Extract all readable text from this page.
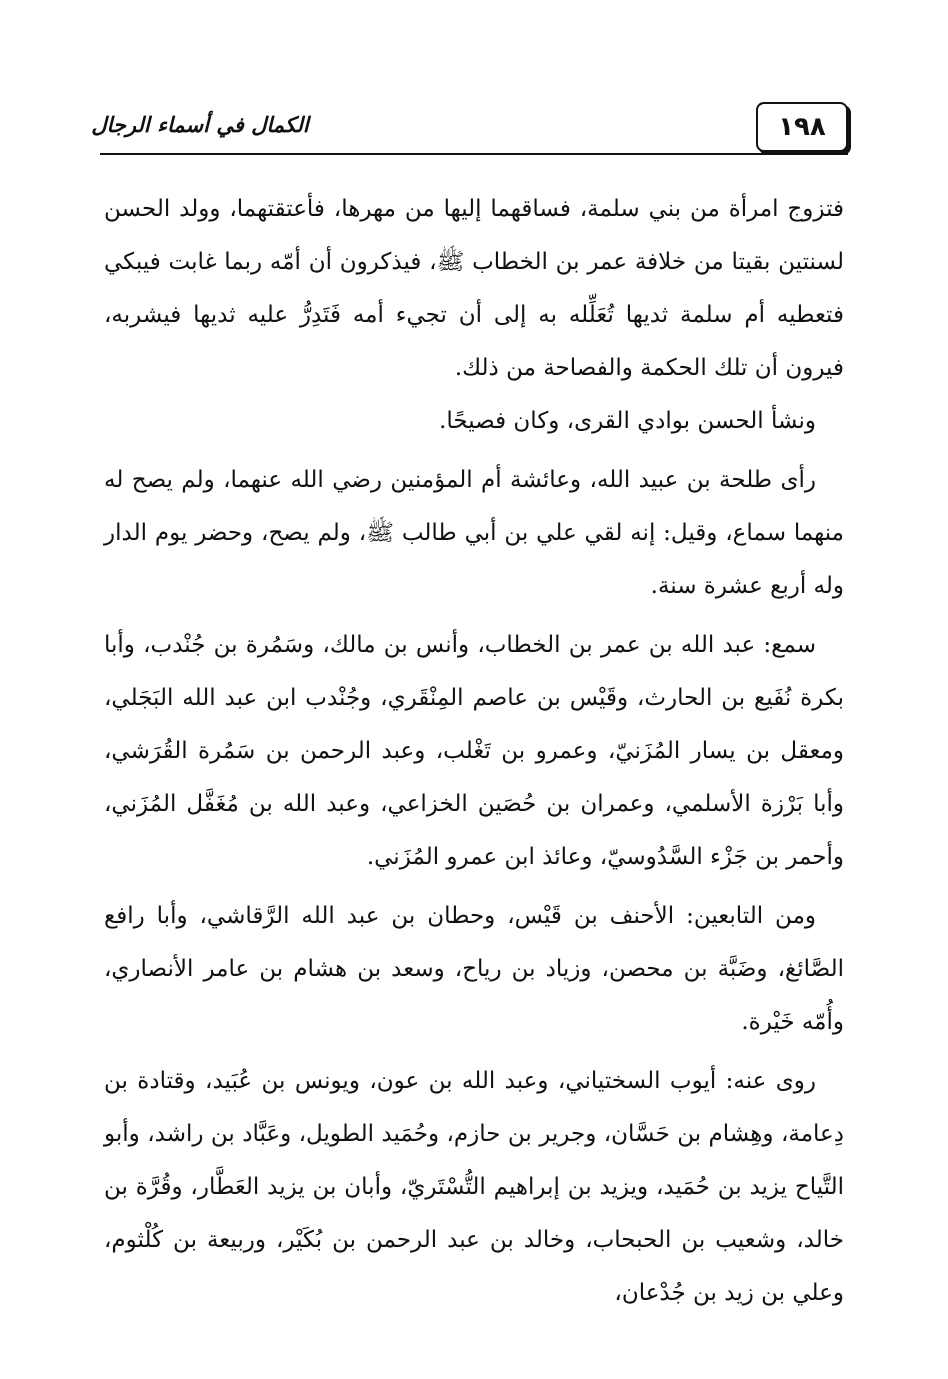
الكمال في أسماء الرجال	١٩٨

فتزوج امرأة من بني سلمة، فساقهما إليها من مهرها، فأعتقتهما، وولد الحسن لسنتين بقيتا من خلافة عمر بن الخطاب ﷺ، فيذكرون أن أمّه ربما غابت فيبكي فتعطيه أم سلمة ثديها تُعَلِّله به إلى أن تجيء أمه فَتَدِرُّ عليه ثديها فيشربه، فيرون أن تلك الحكمة والفصاحة من ذلك.

ونشأ الحسن بوادي القرى، وكان فصيحًا.

رأى طلحة بن عبيد الله، وعائشة أم المؤمنين رضي الله عنهما، ولم يصح له منهما سماع، وقيل: إنه لقي علي بن أبي طالب ﷺ، ولم يصح، وحضر يوم الدار وله أربع عشرة سنة.

سمع: عبد الله بن عمر بن الخطاب، وأنس بن مالك، وسَمُرة بن جُنْدب، وأبا بكرة نُفَيع بن الحارث، وقَيْس بن عاصم المِنْقَري، وجُنْدب ابن عبد الله البَجَلي، ومعقل بن يسار المُزَنيّ، وعمرو بن تَغْلب، وعبد الرحمن بن سَمُرة القُرَشي، وأبا بَرْزة الأسلمي، وعمران بن حُصَين الخزاعي، وعبد الله بن مُغَفَّل المُزَني، وأحمر بن جَزْء السَّدُوسيّ، وعائذ ابن عمرو المُزَني.

ومن التابعين: الأحنف بن قَيْس، وحطان بن عبد الله الرَّقاشي، وأبا رافع الصَّائغ، وضَبَّة بن محصن، وزياد بن رياح، وسعد بن هشام بن عامر الأنصاري، وأُمّه خَيْرة.

روى عنه: أيوب السختياني، وعبد الله بن عون، ويونس بن عُبَيد، وقتادة بن دِعامة، وهِشام بن حَسَّان، وجرير بن حازم، وحُمَيد الطويل، وعَبَّاد بن راشد، وأبو التَّياح يزيد بن حُمَيد، ويزيد بن إبراهيم التُّسْتَريّ، وأبان بن يزيد العَطَّار، وقُرَّة بن خالد، وشعيب بن الحبحاب، وخالد بن عبد الرحمن بن بُكَيْر، وربيعة بن كُلْثوم، وعلي بن زيد بن جُدْعان،
